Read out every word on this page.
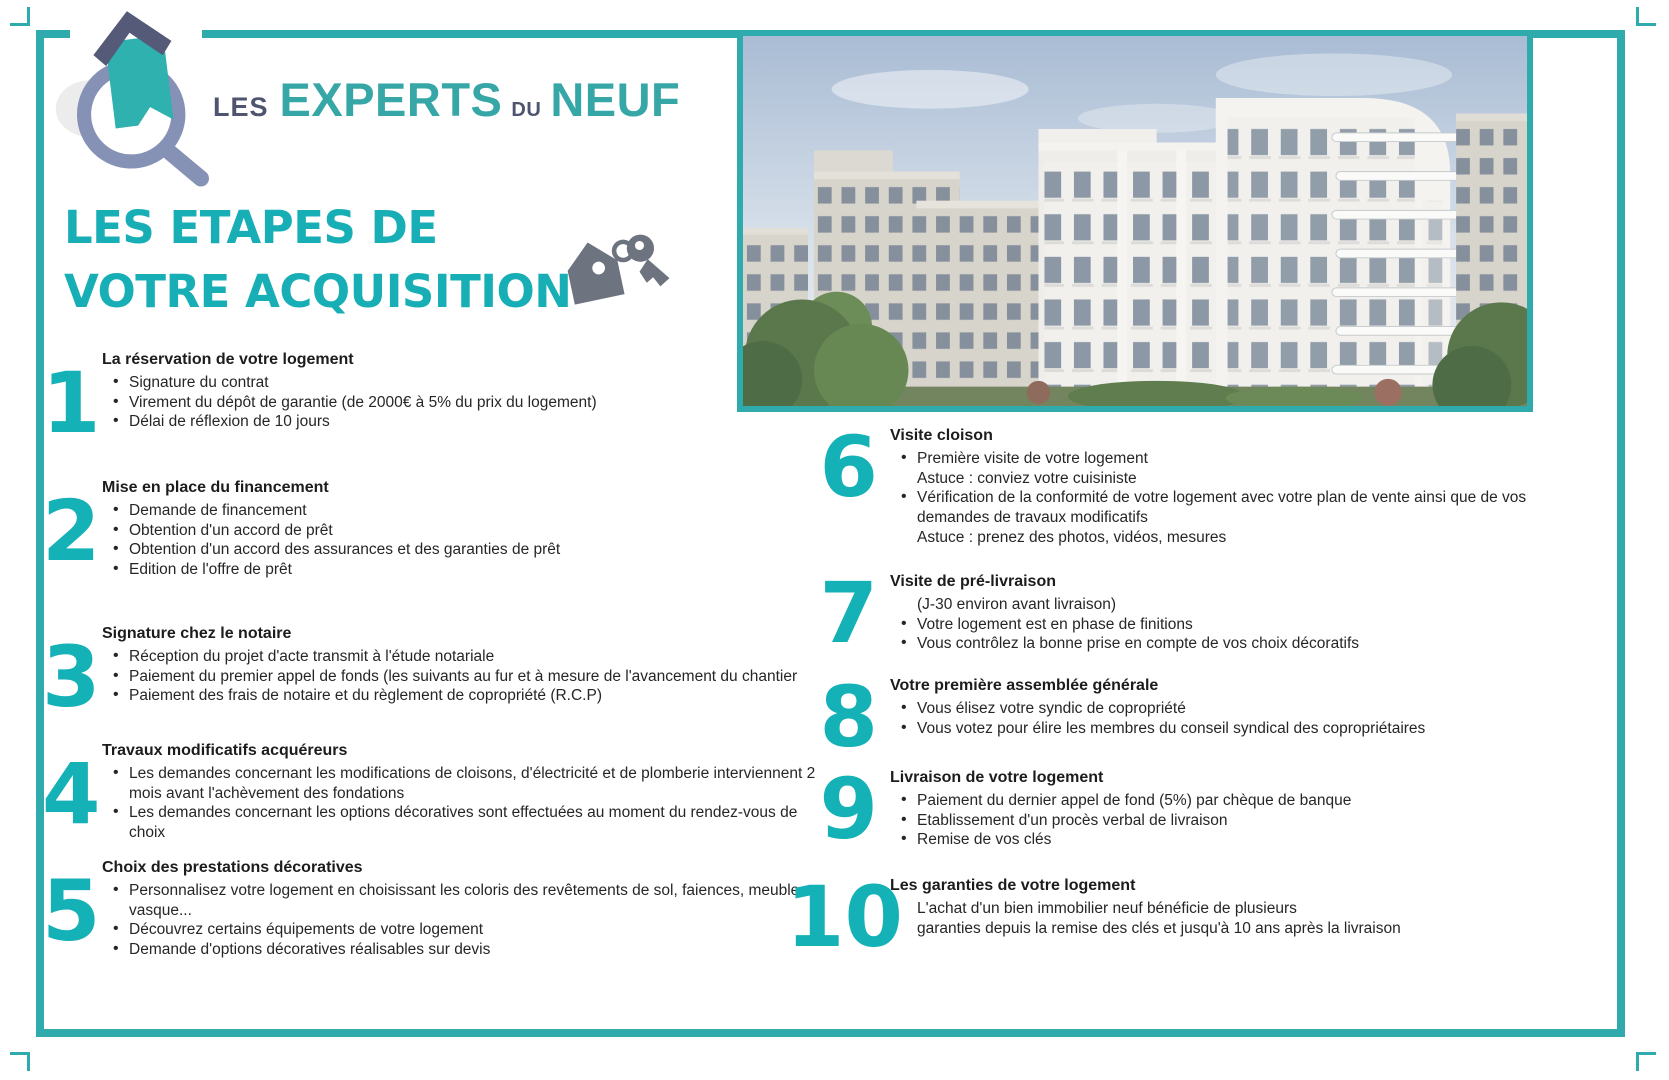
LES EXPERTS DU NEUF
LES ETAPES DE
VOTRE ACQUISITION
1 La réservation de votre logement
• Signature du contrat
• Virement du dépôt de garantie (de 2000€ à 5% du prix du logement)
• Délai de réflexion de 10 jours
2 Mise en place du financement
• Demande de financement
• Obtention d'un accord de prêt
• Obtention d'un accord des assurances et des garanties de prêt
• Edition de l'offre de prêt
3 Signature chez le notaire
• Réception du projet d'acte transmit à l'étude notariale
• Paiement du premier appel de fonds (les suivants au fur et à mesure de l'avancement du chantier
• Paiement des frais de notaire et du règlement de copropriété (R.C.P)
4 Travaux modificatifs acquéreurs
• Les demandes concernant les modifications de cloisons, d'électricité et de plomberie interviennent 2 mois avant l'achèvement des fondations
• Les demandes concernant les options décoratives sont effectuées au moment du rendez-vous de choix
5 Choix des prestations décoratives
• Personnalisez votre logement en choisissant les coloris des revêtements de sol, faiences, meuble vasque...
• Découvrez certains équipements de votre logement
• Demande d'options décoratives réalisables sur devis
6 Visite cloison
• Première visite de votre logement
Astuce : conviez votre cuisiniste
• Vérification de la conformité de votre logement avec votre plan de vente ainsi que de vos demandes de travaux modificatifs
Astuce : prenez des photos, vidéos, mesures
7 Visite de pré-livraison
(J-30 environ avant livraison)
• Votre logement est en phase de finitions
• Vous contrôlez la bonne prise en compte de vos choix décoratifs
8 Votre première assemblée générale
• Vous élisez votre syndic de copropriété
• Vous votez pour élire les membres du conseil syndical des copropriétaires
9 Livraison de votre logement
• Paiement du dernier appel de fond (5%) par chèque de banque
• Etablissement d'un procès verbal de livraison
• Remise de vos clés
10
Les garanties de votre logement
L'achat d'un bien immobilier neuf bénéficie de plusieurs
garanties depuis la remise des clés et jusqu'à 10 ans après la livraison
